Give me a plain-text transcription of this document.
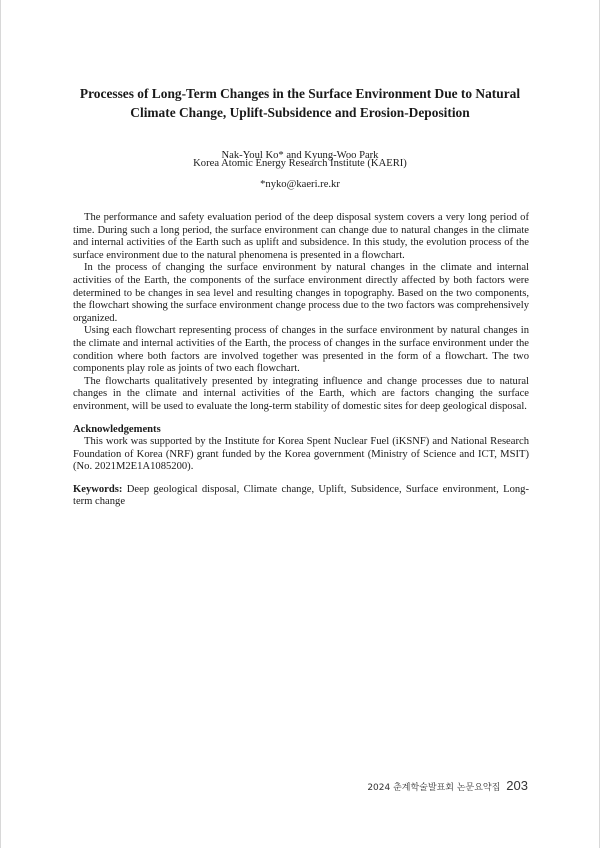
Processes of Long-Term Changes in the Surface Environment Due to Natural
Climate Change, Uplift-Subsidence and Erosion-Deposition
Nak-Youl Ko* and Kyung-Woo Park
Korea Atomic Energy Research Institute (KAERI)
*nyko@kaeri.re.kr

The performance and safety evaluation period of the deep disposal system covers a very long period of time. During such a long period, the surface environment can change due to natural changes in the climate and internal activities of the Earth such as uplift and subsidence. In this study, the evolution process of the surface environment due to the natural phenomena is presented in a flowchart.

In the process of changing the surface environment by natural changes in the climate and internal activities of the Earth, the components of the surface environment directly affected by both factors were determined to be changes in sea level and resulting changes in topography. Based on the two components, the flowchart showing the surface environment change process due to the two factors was comprehensively organized.

Using each flowchart representing process of changes in the surface environment by natural changes in the climate and internal activities of the Earth, the process of changes in the surface environment under the condition where both factors are involved together was presented in the form of a flowchart. The two components play role as joints of two each flowchart.

The flowcharts qualitatively presented by integrating influence and change processes due to natural changes in the climate and internal activities of the Earth, which are factors changing the surface environment, will be used to evaluate the long-term stability of domestic sites for deep geological disposal.

Acknowledgements

This work was supported by the Institute for Korea Spent Nuclear Fuel (iKSNF) and National Research Foundation of Korea (NRF) grant funded by the Korea government (Ministry of Science and ICT, MSIT) (No. 2021M2E1A1085200).

Keywords: Deep geological disposal, Climate change, Uplift, Subsidence, Surface environment, Long-term change
2024 춘계학술발표회 논문요약집 203
